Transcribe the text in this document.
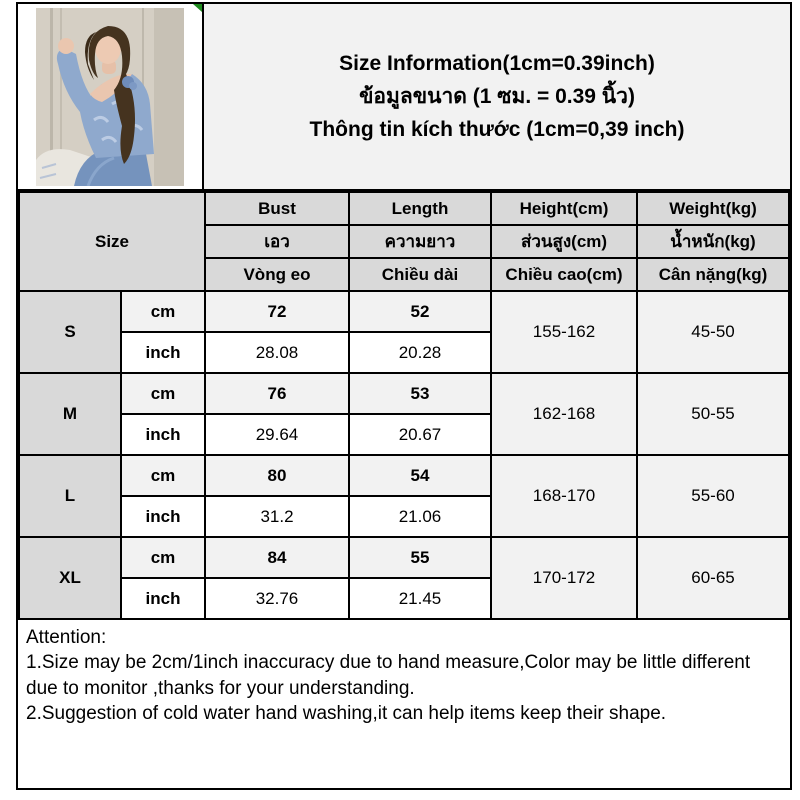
Size Information(1cm=0.39inch)
ข้อมูลขนาด (1 ซม. = 0.39 นิ้ว)
Thông tin kích thước (1cm=0,39 inch)
Size		Bust	Length	Height(cm)	Weight(kg)
		เอว	ความยาว	ส่วนสูง(cm)	น้ำหนัก(kg)
		Vòng eo	Chiều dài	Chiều cao(cm)	Cân nặng(kg)
S	cm	72	52	155-162	45-50
	inch	28.08	20.28		
M	cm	76	53	162-168	50-55
	inch	29.64	20.67		
L	cm	80	54	168-170	55-60
	inch	31.2	21.06		
XL	cm	84	55	170-172	60-65
	inch	32.76	21.45		
Attention:
1.Size may be 2cm/1inch inaccuracy due to hand measure,Color may be little different due to monitor ,thanks for your understanding.
2.Suggestion of cold water hand washing,it can help items keep their shape.
